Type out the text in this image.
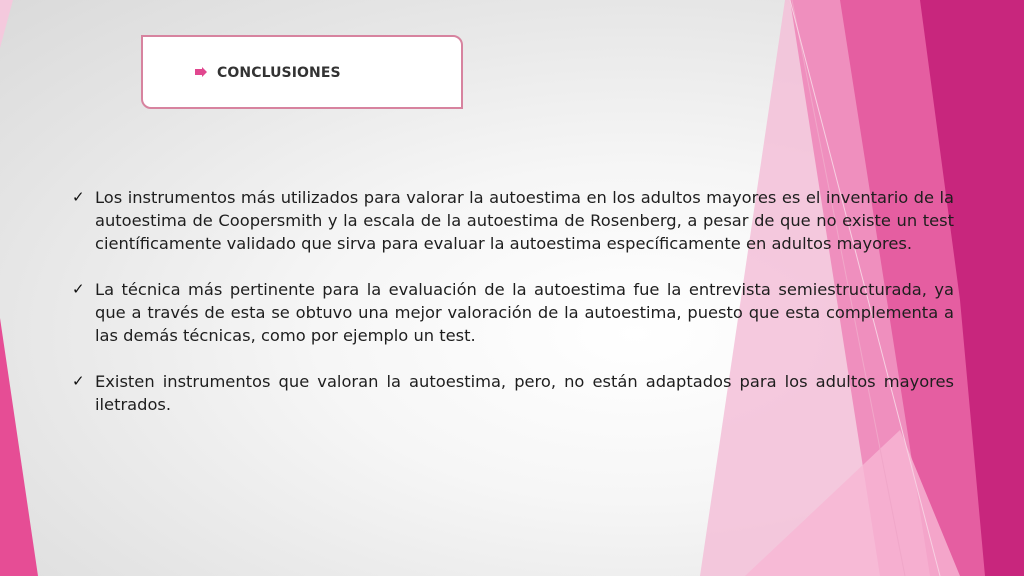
CONCLUSIONES
✓ Los instrumentos más utilizados para valorar la autoestima en los adultos mayores es el inventario de la autoestima de Coopersmith y la escala de la autoestima de Rosenberg, a pesar de que no existe un test científicamente validado que sirva para evaluar la autoestima específicamente en adultos mayores.
✓ La técnica más pertinente para la evaluación de la autoestima fue la entrevista semiestructurada, ya que a través de esta se obtuvo una mejor valoración de la autoestima, puesto que esta complementa a las demás técnicas, como por ejemplo un test.
✓ Existen instrumentos que valoran la autoestima, pero, no están adaptados para los adultos mayores iletrados.
